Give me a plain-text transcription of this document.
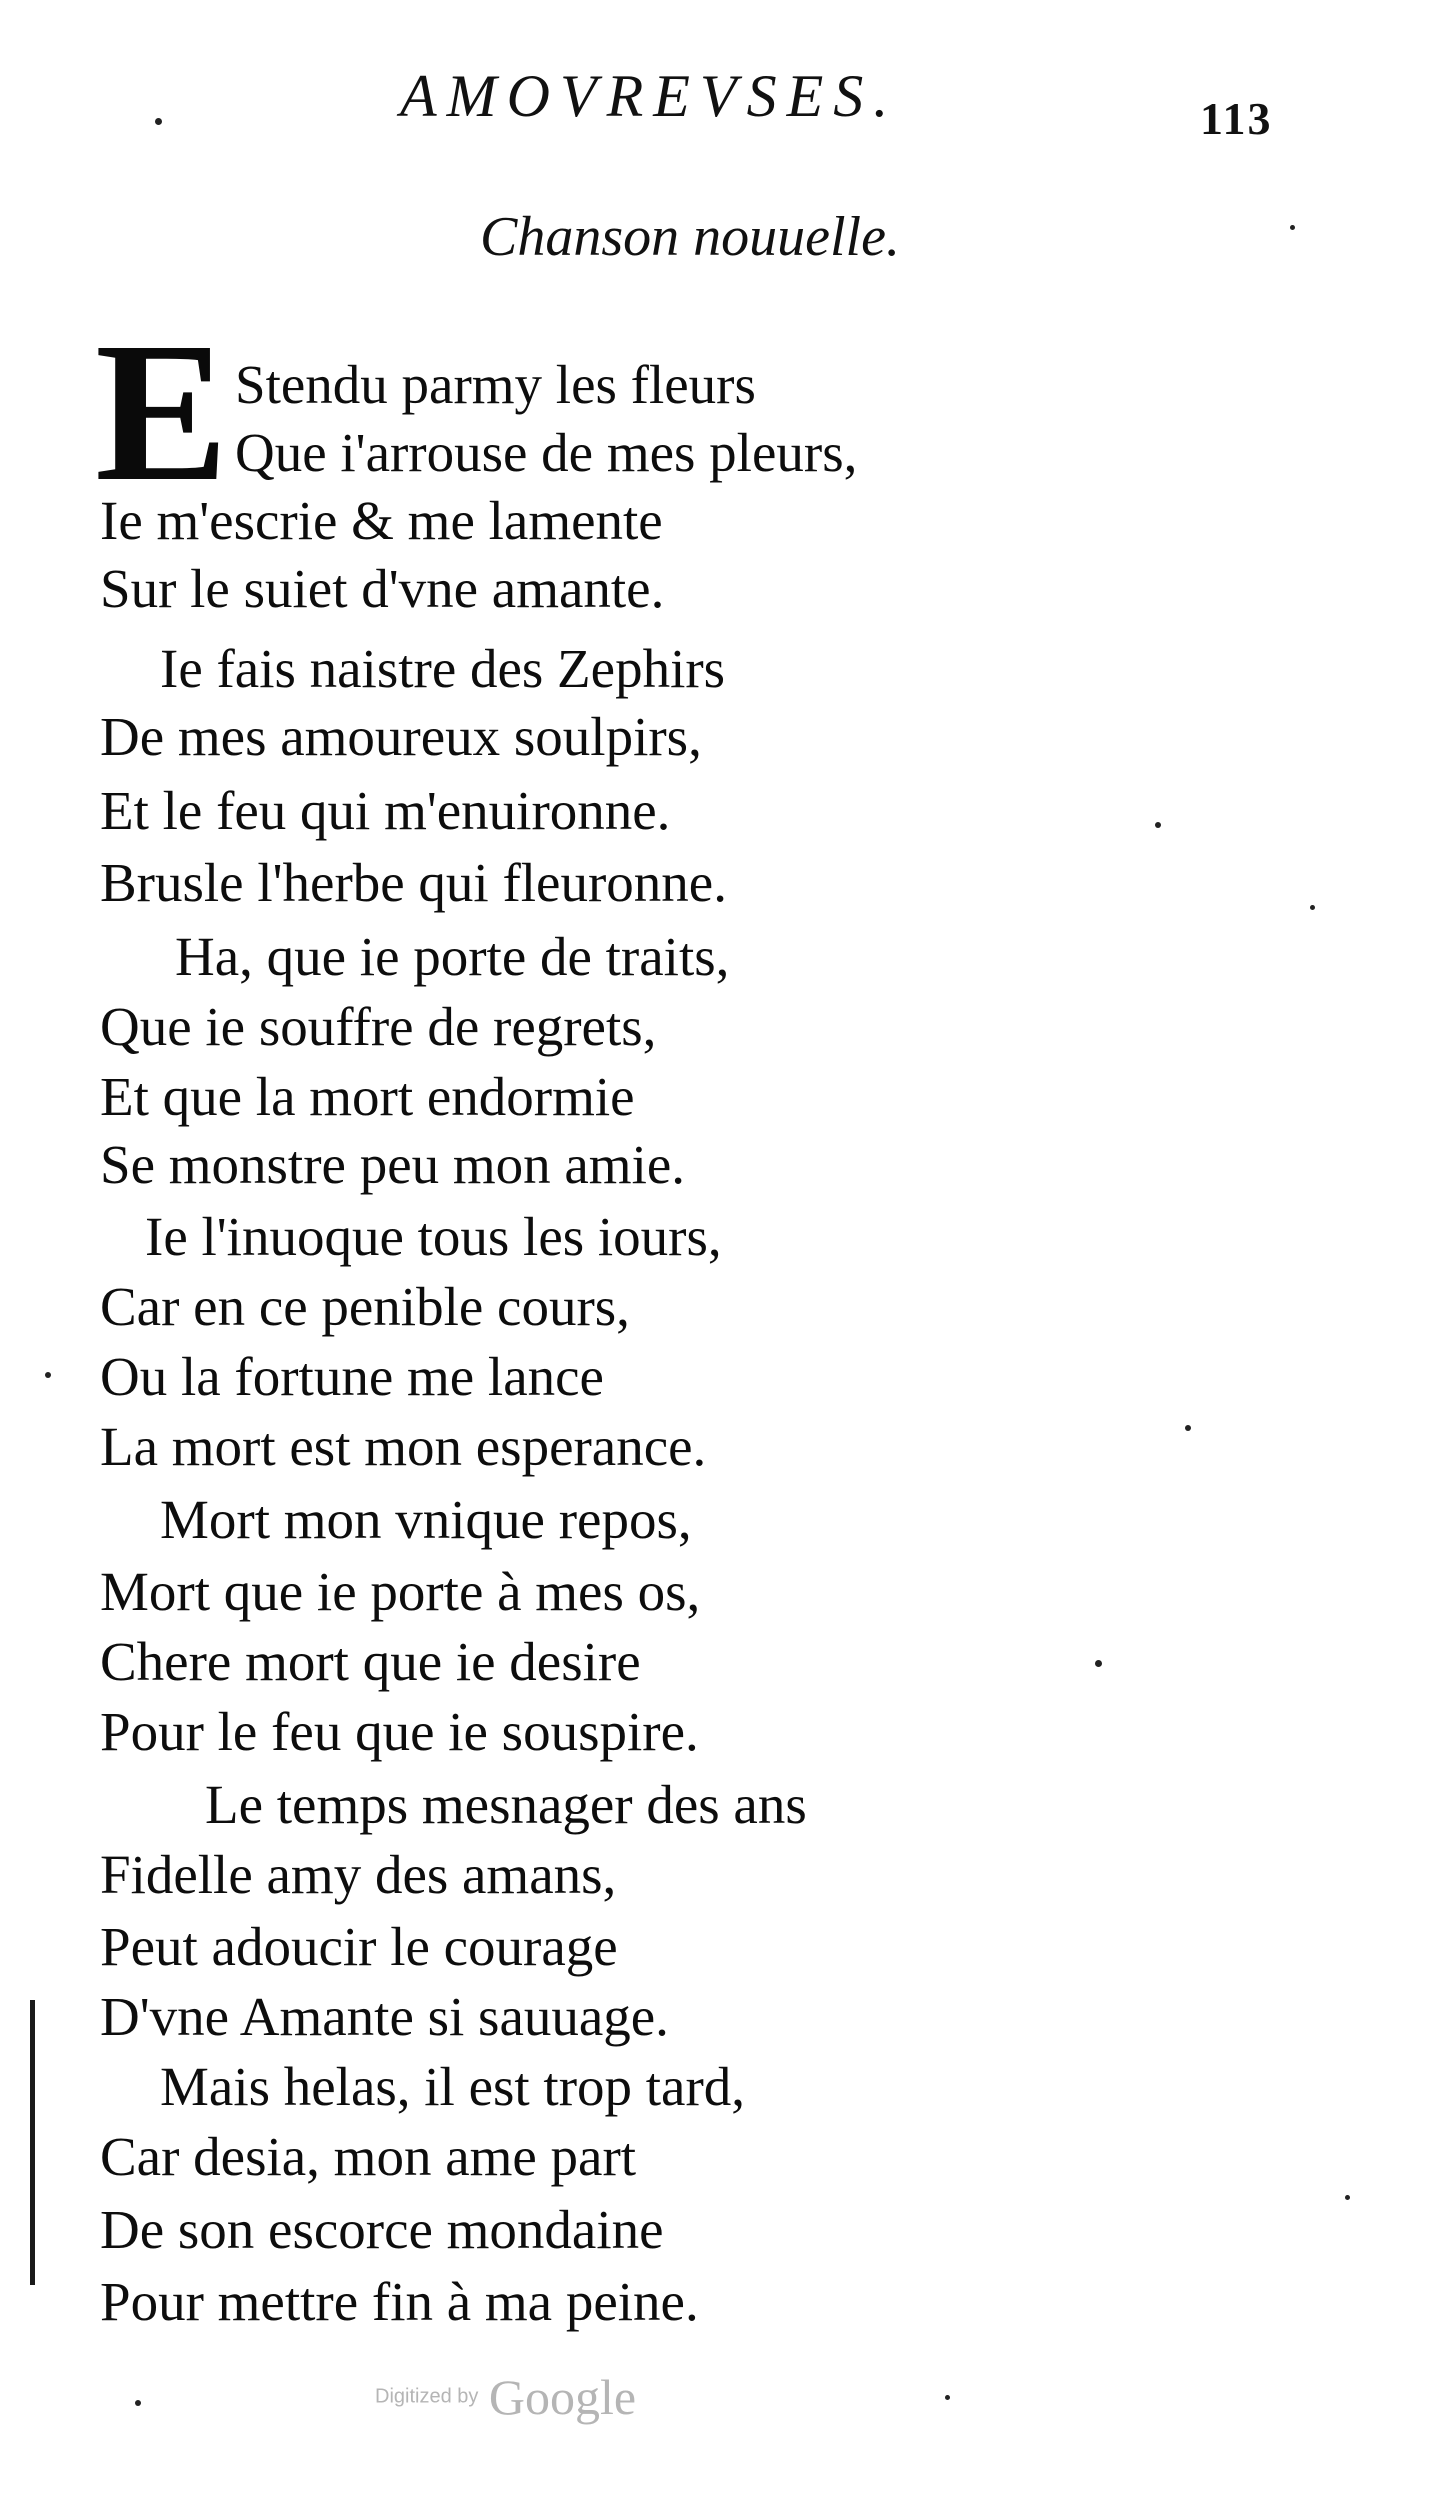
AMOVREVSES.	113
Chanson nouuelle.
E Stendu parmy les fleurs
Que i'arrouse de mes pleurs,
Ie m'escrie & me lamente
Sur le suiet d'vne amante.
Ie fais naistre des Zephirs
De mes amoureux soulpirs,
Et le feu qui m'enuironne.
Brusle l'herbe qui fleuronne.
Ha, que ie porte de traits,
Que ie souffre de regrets,
Et que la mort endormie
Se monstre peu mon amie.
Ie l'inuoque tous les iours,
Car en ce penible cours,
Ou la fortune me lance
La mort est mon esperance.
Mort mon vnique repos,
Mort que ie porte à mes os,
Chere mort que ie desire
Pour le feu que ie souspire.
Le temps mesnager des ans
Fidelle amy des amans,
Peut adoucir le courage
D'vne Amante si sauuage.
Mais helas, il est trop tard,
Car desia, mon ame part
De son escorce mondaine
Pour mettre fin à ma peine.
Digitized by Google
